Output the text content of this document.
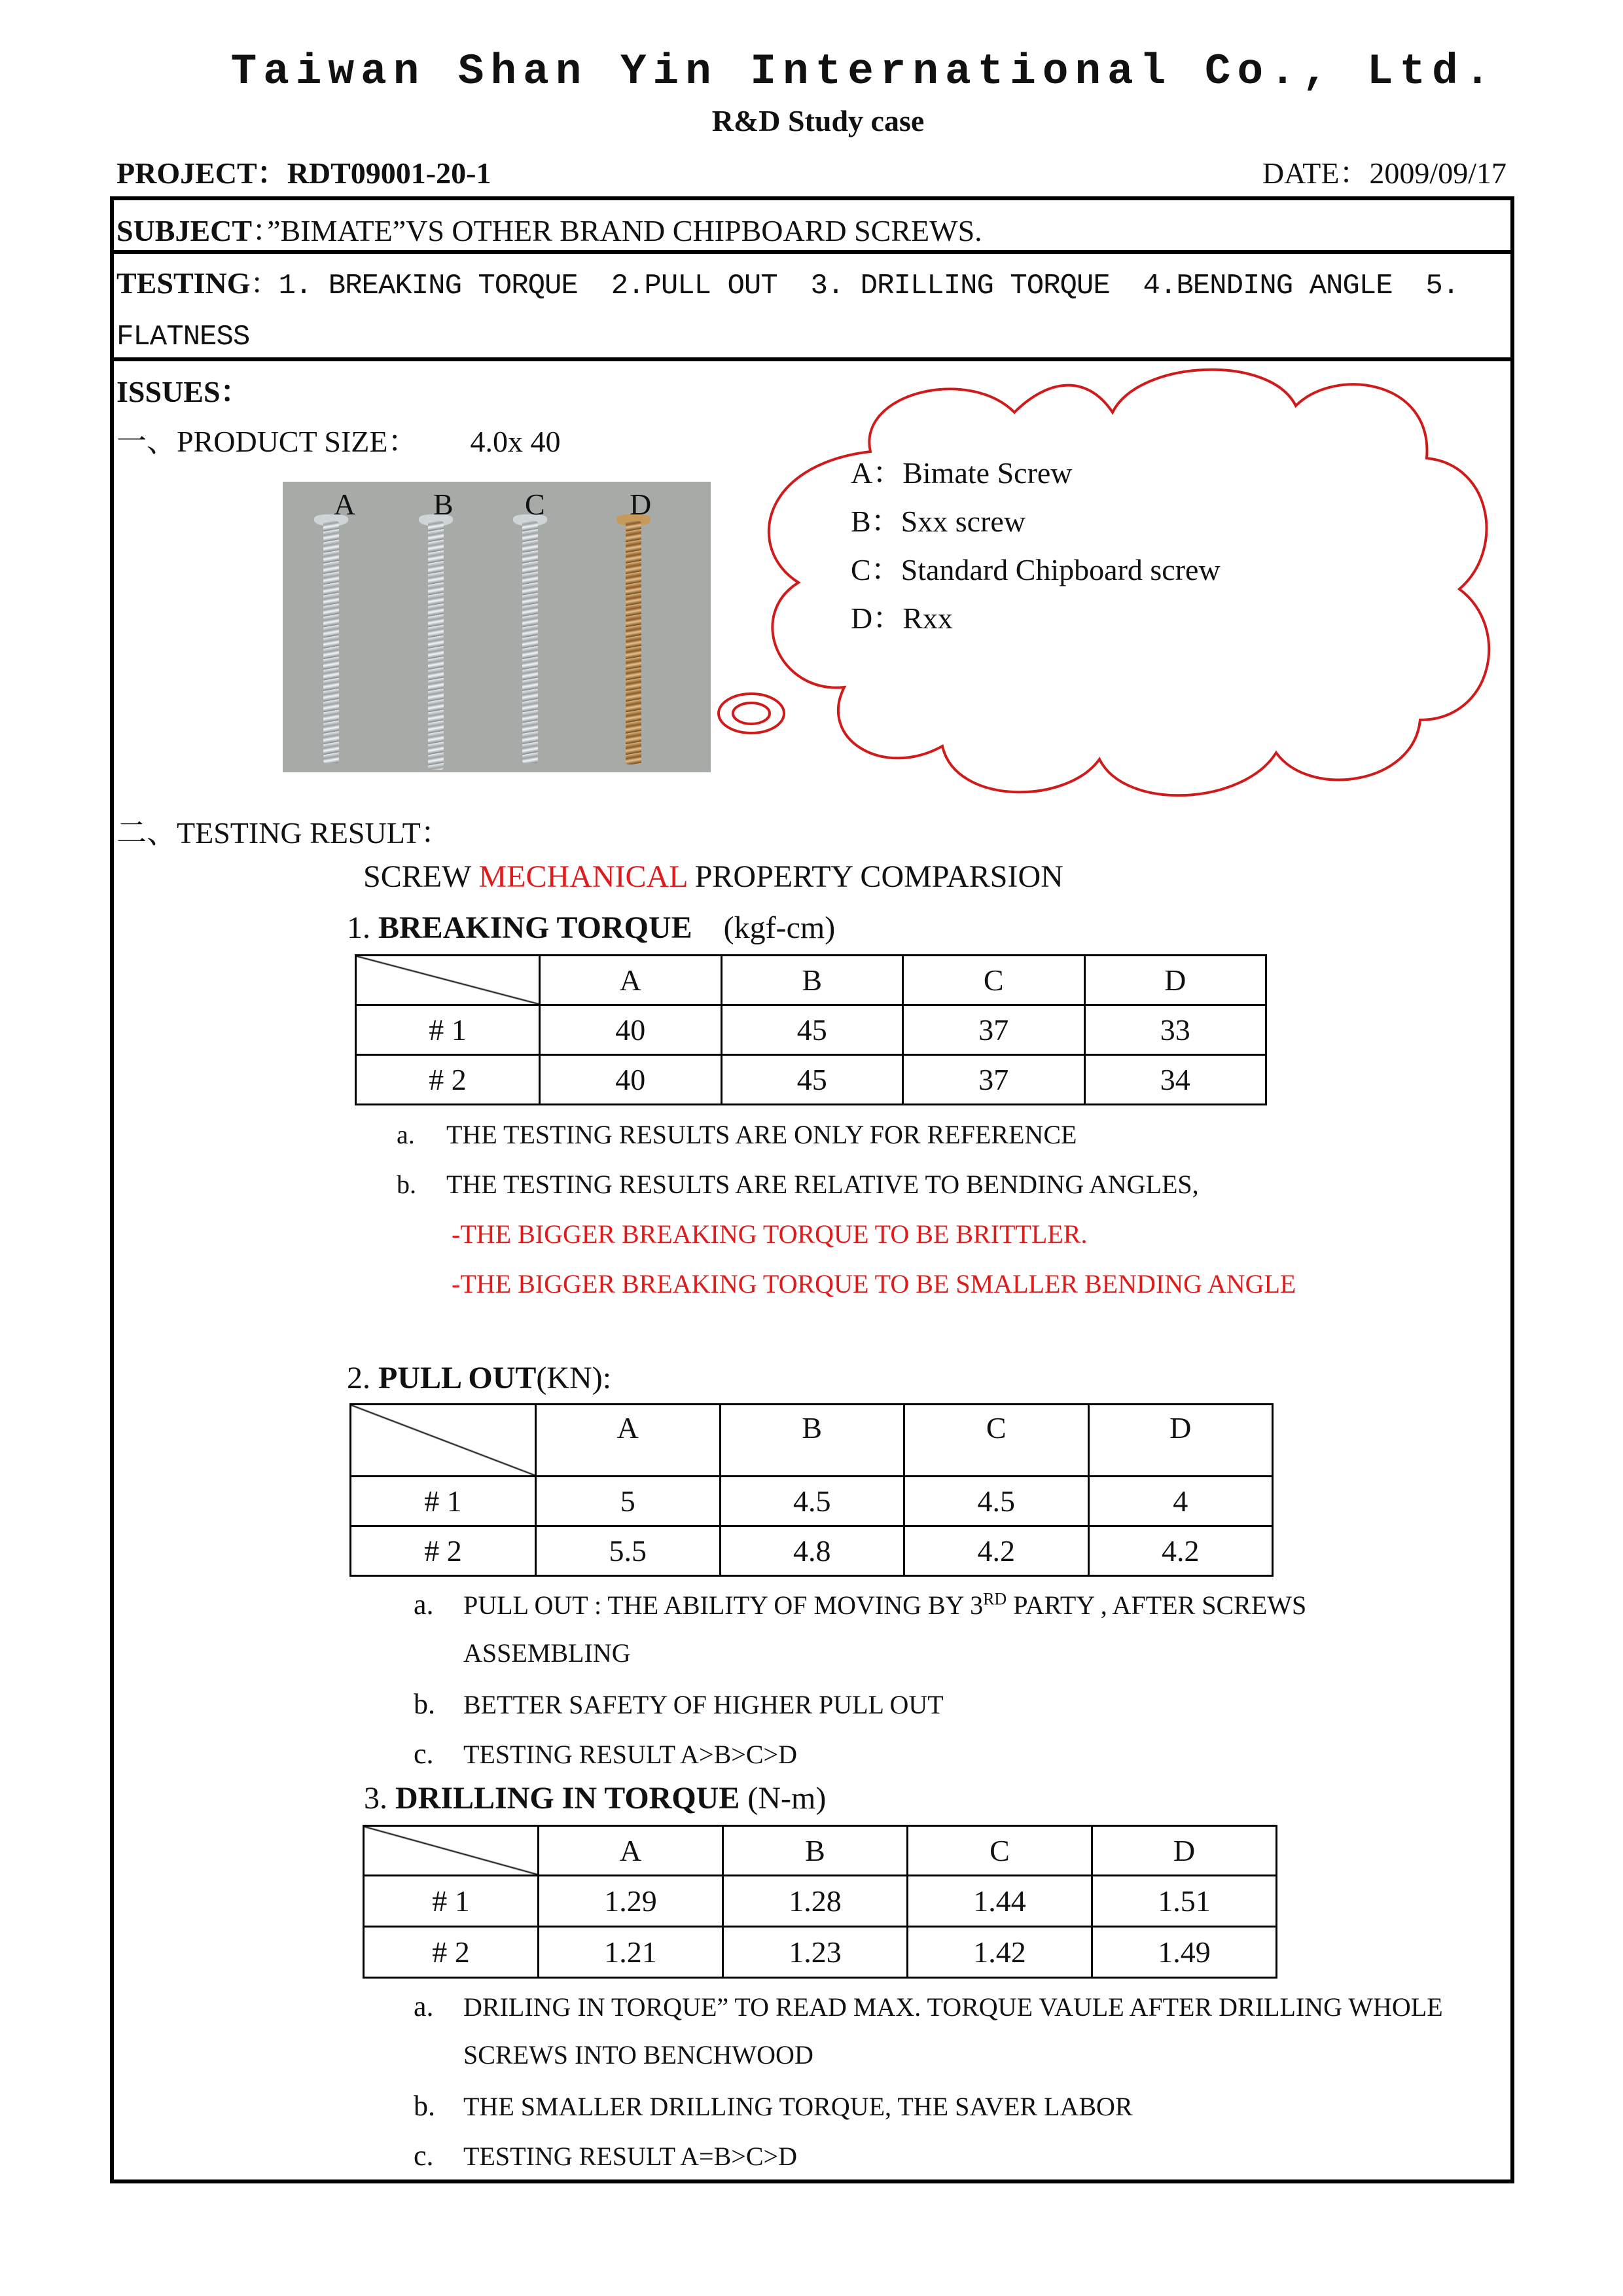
Taiwan Shan Yin International Co., Ltd.
R&D Study case
PROJECT：RDT09001-20-1	DATE：2009/09/17
SUBJECT：”BIMATE”VS OTHER BRAND CHIPBOARD SCREWS.
TESTING：1. BREAKING TORQUE  2.PULL OUT  3. DRILLING TORQUE  4.BENDING ANGLE  5.
FLATNESS
ISSUES：
一、PRODUCT SIZE： 4.0x 40
A	B C	D
A：Bimate Screw
B：Sxx screw
C：Standard Chipboard screw
D：Rxx
二、TESTING RESULT：
SCREW MECHANICAL PROPERTY COMPARSION
1. BREAKING TORQUE    (kgf-cm)
	A	B	C	D
# 1	40	45	37	33
# 2	40	45	37	34
a. THE TESTING RESULTS ARE ONLY FOR REFERENCE
b. THE TESTING RESULTS ARE RELATIVE TO BENDING ANGLES,
-THE BIGGER BREAKING TORQUE TO BE BRITTLER.
-THE BIGGER BREAKING TORQUE TO BE SMALLER BENDING ANGLE
2. PULL OUT(KN):
	A	B	C	D
# 1	5	4.5	4.5	4
# 2	5.5	4.8	4.2	4.2
a. PULL OUT : THE ABILITY OF MOVING BY 3RD PARTY , AFTER SCREWS
ASSEMBLING
b. BETTER SAFETY OF HIGHER PULL OUT
c. TESTING RESULT A>B>C>D
3. DRILLING IN TORQUE (N-m)
	A	B	C	D
# 1	1.29	1.28	1.44	1.51
# 2	1.21	1.23	1.42	1.49
a. DRILING IN TORQUE” TO READ MAX. TORQUE VAULE AFTER DRILLING WHOLE
SCREWS INTO BENCHWOOD
b. THE SMALLER DRILLING TORQUE, THE SAVER LABOR
c. TESTING RESULT A=B>C>D
